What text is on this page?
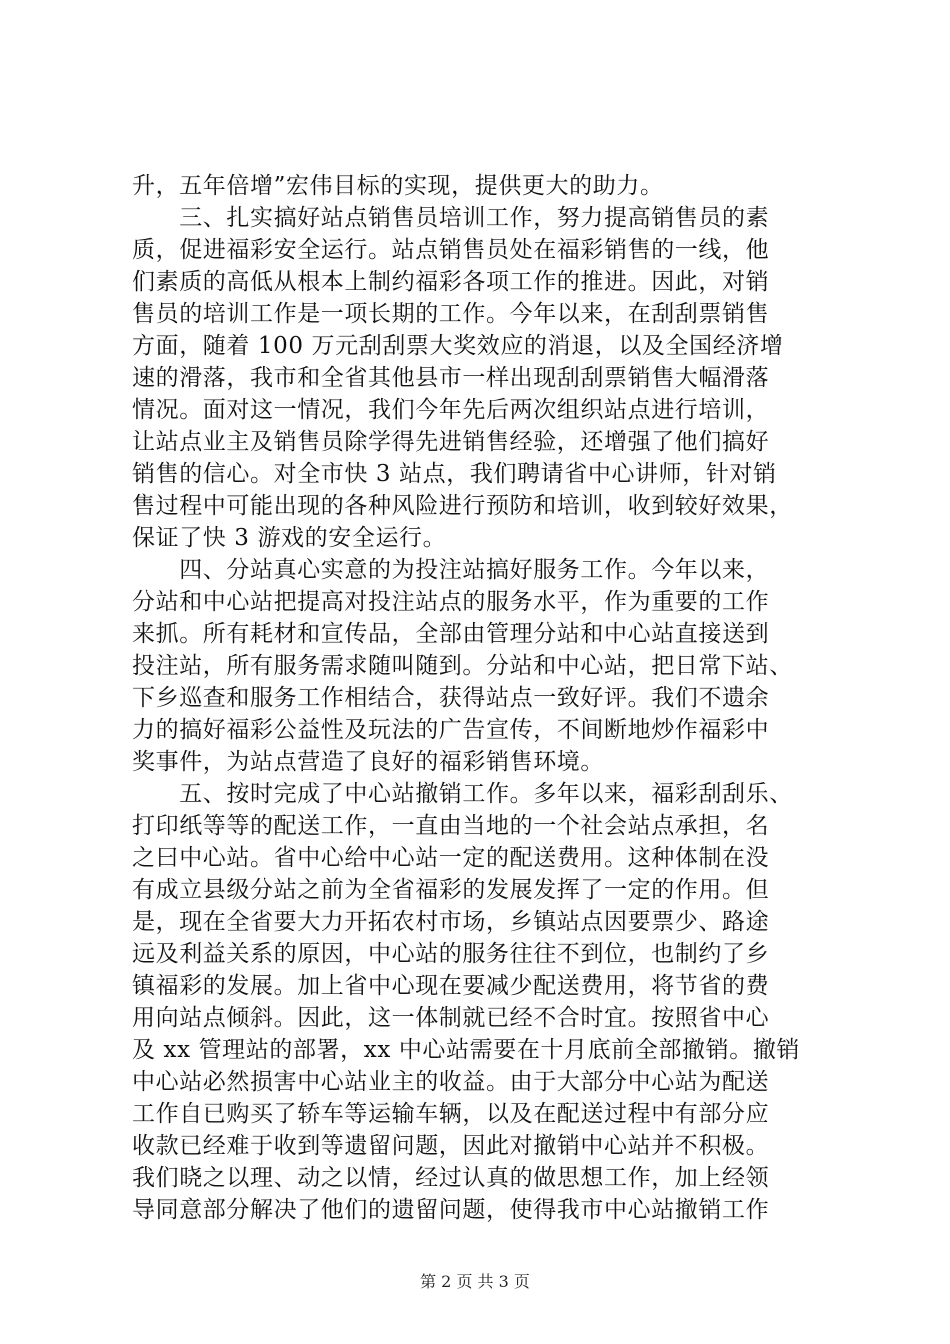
升，五年倍增”宏伟目标的实现，提供更大的助力。
　　三、扎实搞好站点销售员培训工作，努力提高销售员的素
质，促进福彩安全运行。站点销售员处在福彩销售的一线，他
们素质的高低从根本上制约福彩各项工作的推进。因此，对销
售员的培训工作是一项长期的工作。今年以来，在刮刮票销售
方面，随着 100 万元刮刮票大奖效应的消退，以及全国经济增
速的滑落，我市和全省其他县市一样出现刮刮票销售大幅滑落
情况。面对这一情况，我们今年先后两次组织站点进行培训，
让站点业主及销售员除学得先进销售经验，还增强了他们搞好
销售的信心。对全市快 3 站点，我们聘请省中心讲师，针对销
售过程中可能出现的各种风险进行预防和培训，收到较好效果，
保证了快 3 游戏的安全运行。
　　四、分站真心实意的为投注站搞好服务工作。今年以来，
分站和中心站把提高对投注站点的服务水平，作为重要的工作
来抓。所有耗材和宣传品，全部由管理分站和中心站直接送到
投注站，所有服务需求随叫随到。分站和中心站，把日常下站、
下乡巡查和服务工作相结合，获得站点一致好评。我们不遗余
力的搞好福彩公益性及玩法的广告宣传，不间断地炒作福彩中
奖事件，为站点营造了良好的福彩销售环境。
　　五、按时完成了中心站撤销工作。多年以来，福彩刮刮乐、
打印纸等等的配送工作，一直由当地的一个社会站点承担，名
之曰中心站。省中心给中心站一定的配送费用。这种体制在没
有成立县级分站之前为全省福彩的发展发挥了一定的作用。但
是，现在全省要大力开拓农村市场，乡镇站点因要票少、路途
远及利益关系的原因，中心站的服务往往不到位，也制约了乡
镇福彩的发展。加上省中心现在要减少配送费用，将节省的费
用向站点倾斜。因此，这一体制就已经不合时宜。按照省中心
及 xx 管理站的部署，xx 中心站需要在十月底前全部撤销。撤销
中心站必然损害中心站业主的收益。由于大部分中心站为配送
工作自已购买了轿车等运输车辆，以及在配送过程中有部分应
收款已经难于收到等遗留问题，因此对撤销中心站并不积极。
我们晓之以理、动之以情，经过认真的做思想工作，加上经领
导同意部分解决了他们的遗留问题，使得我市中心站撤销工作
第 2 页 共 3 页
